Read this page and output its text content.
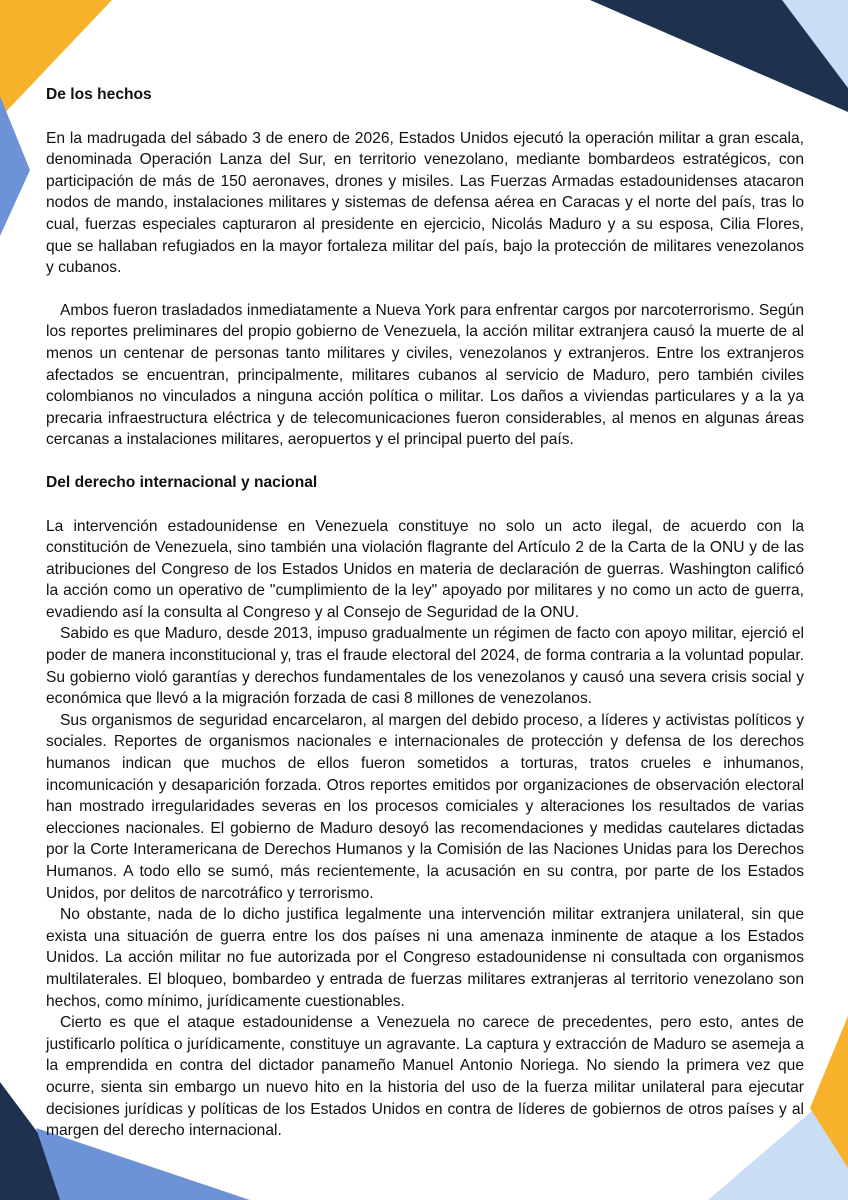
De los hechos

En la madrugada del sábado 3 de enero de 2026, Estados Unidos ejecutó la operación militar a gran escala, denominada Operación Lanza del Sur, en territorio venezolano, mediante bombardeos estratégicos, con participación de más de 150 aeronaves, drones y misiles. Las Fuerzas Armadas estadounidenses atacaron nodos de mando, instalaciones militares y sistemas de defensa aérea en Caracas y el norte del país, tras lo cual, fuerzas especiales capturaron al presidente en ejercicio, Nicolás Maduro y a su esposa, Cilia Flores, que se hallaban refugiados en la mayor fortaleza militar del país, bajo la protección de militares venezolanos y cubanos.

Ambos fueron trasladados inmediatamente a Nueva York para enfrentar cargos por narcoterrorismo. Según los reportes preliminares del propio gobierno de Venezuela, la acción militar extranjera causó la muerte de al menos un centenar de personas tanto militares y civiles, venezolanos y extranjeros. Entre los extranjeros afectados se encuentran, principalmente, militares cubanos al servicio de Maduro, pero también civiles colombianos no vinculados a ninguna acción política o militar. Los daños a viviendas particulares y a la ya precaria infraestructura eléctrica y de telecomunicaciones fueron considerables, al menos en algunas áreas cercanas a instalaciones militares, aeropuertos y el principal puerto del país.

Del derecho internacional y nacional

La intervención estadounidense en Venezuela constituye no solo un acto ilegal, de acuerdo con la constitución de Venezuela, sino también una violación flagrante del Artículo 2 de la Carta de la ONU y de las atribuciones del Congreso de los Estados Unidos en materia de declaración de guerras. Washington calificó la acción como un operativo de "cumplimiento de la ley" apoyado por militares y no como un acto de guerra, evadiendo así la consulta al Congreso y al Consejo de Seguridad de la ONU.

Sabido es que Maduro, desde 2013, impuso gradualmente un régimen de facto con apoyo militar, ejerció el poder de manera inconstitucional y, tras el fraude electoral del 2024, de forma contraria a la voluntad popular. Su gobierno violó garantías y derechos fundamentales de los venezolanos y causó una severa crisis social y económica que llevó a la migración forzada de casi 8 millones de venezolanos.

Sus organismos de seguridad encarcelaron, al margen del debido proceso, a líderes y activistas políticos y sociales. Reportes de organismos nacionales e internacionales de protección y defensa de los derechos humanos indican que muchos de ellos fueron sometidos a torturas, tratos crueles e inhumanos, incomunicación y desaparición forzada. Otros reportes emitidos por organizaciones de observación electoral han mostrado irregularidades severas en los procesos comiciales y alteraciones los resultados de varias elecciones nacionales. El gobierno de Maduro desoyó las recomendaciones y medidas cautelares dictadas por la Corte Interamericana de Derechos Humanos y la Comisión de las Naciones Unidas para los Derechos Humanos. A todo ello se sumó, más recientemente, la acusación en su contra, por parte de los Estados Unidos, por delitos de narcotráfico y terrorismo.

No obstante, nada de lo dicho justifica legalmente una intervención militar extranjera unilateral, sin que exista una situación de guerra entre los dos países ni una amenaza inminente de ataque a los Estados Unidos. La acción militar no fue autorizada por el Congreso estadounidense ni consultada con organismos multilaterales. El bloqueo, bombardeo y entrada de fuerzas militares extranjeras al territorio venezolano son hechos, como mínimo, jurídicamente cuestionables.

Cierto es que el ataque estadounidense a Venezuela no carece de precedentes, pero esto, antes de justificarlo política o jurídicamente, constituye un agravante. La captura y extracción de Maduro se asemeja a la emprendida en contra del dictador panameño Manuel Antonio Noriega. No siendo la primera vez que ocurre, sienta sin embargo un nuevo hito en la historia del uso de la fuerza militar unilateral para ejecutar decisiones jurídicas y políticas de los Estados Unidos en contra de líderes de gobiernos de otros países y al margen del derecho internacional.
